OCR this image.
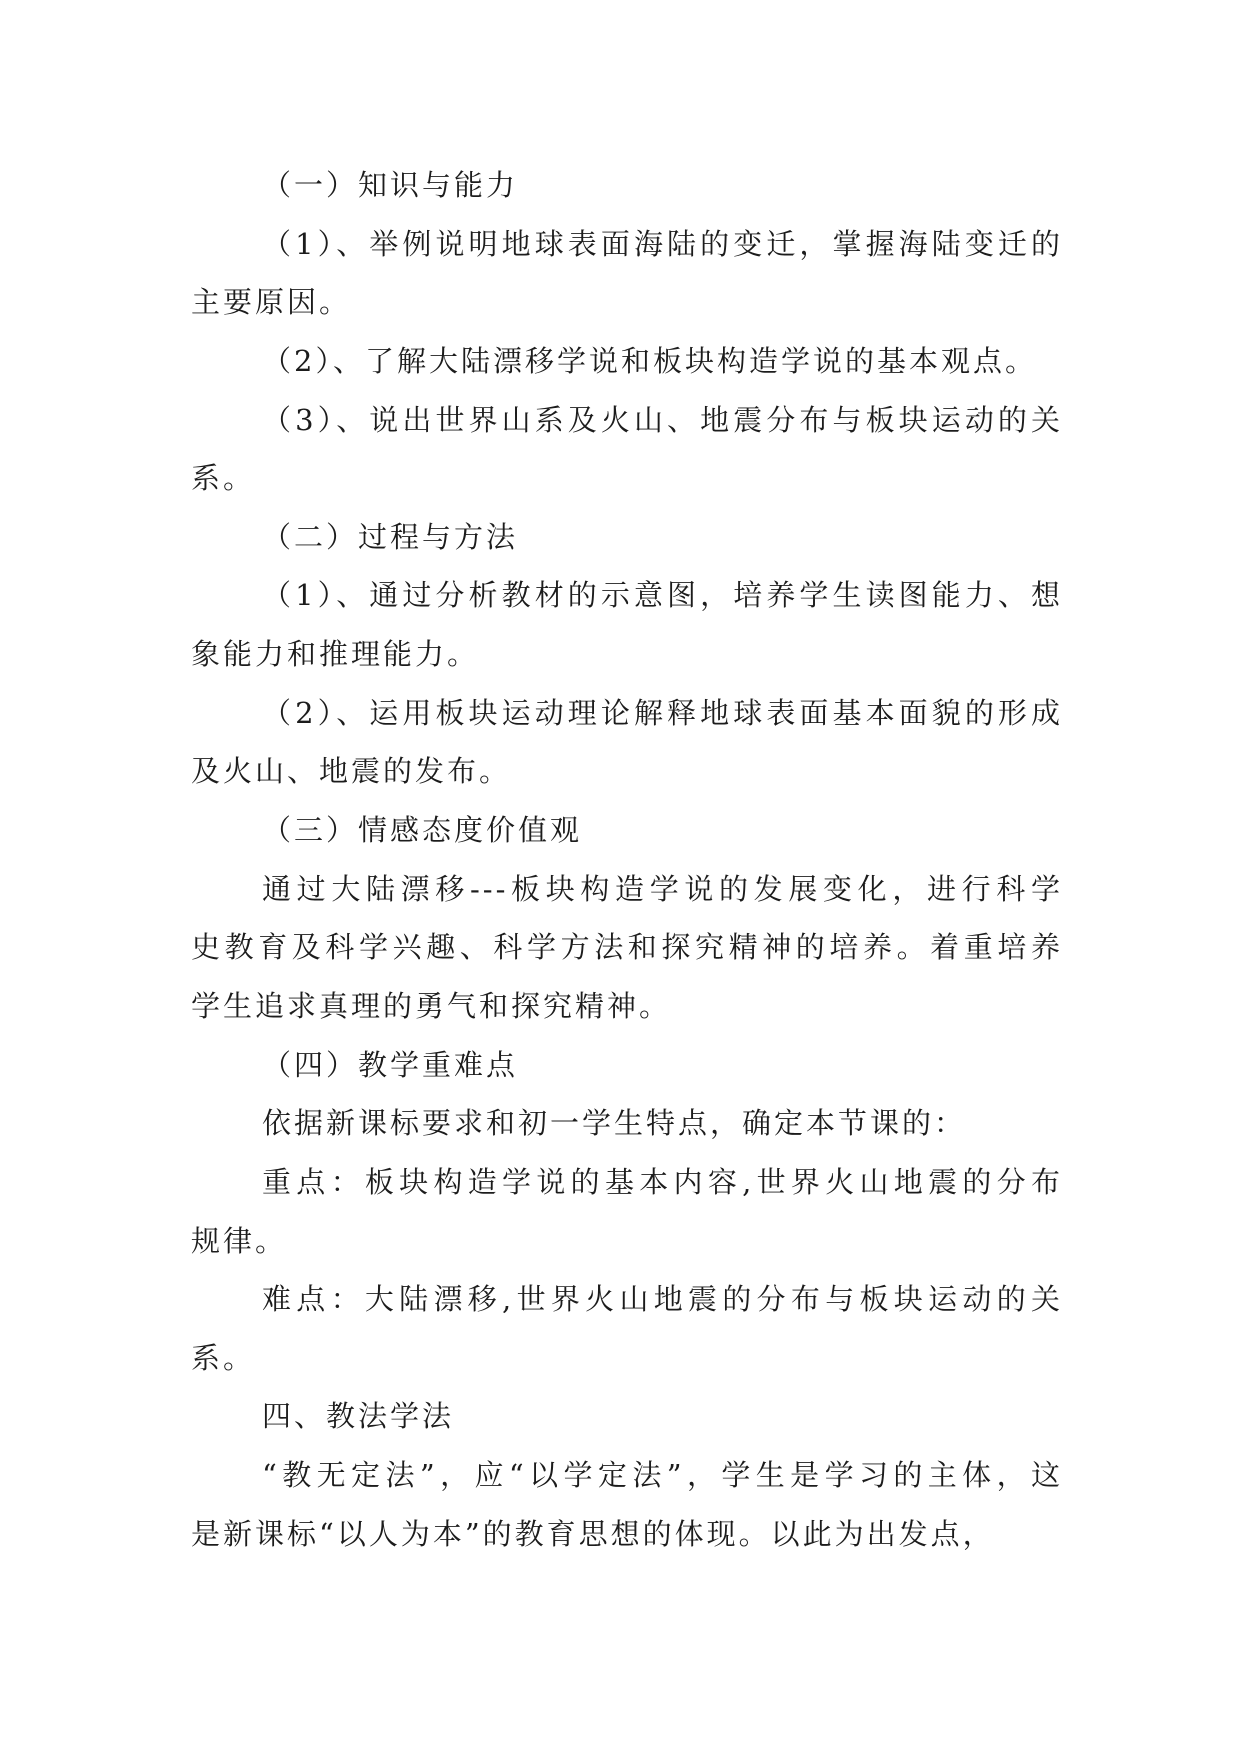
（一）知识与能力
（1）、举例说明地球表面海陆的变迁，掌握海陆变迁的
主要原因。
（2）、了解大陆漂移学说和板块构造学说的基本观点。
（3）、说出世界山系及火山、地震分布与板块运动的关
系。
（二）过程与方法
（1）、通过分析教材的示意图，培养学生读图能力、想
象能力和推理能力。
（2）、运用板块运动理论解释地球表面基本面貌的形成
及火山、地震的发布。
（三）情感态度价值观
通过大陆漂移---板块构造学说的发展变化，进行科学
史教育及科学兴趣、科学方法和探究精神的培养。着重培养
学生追求真理的勇气和探究精神。
（四）教学重难点
依据新课标要求和初一学生特点，确定本节课的：
重点：板块构造学说的基本内容,世界火山地震的分布
规律。
难点：大陆漂移,世界火山地震的分布与板块运动的关
系。
四、教法学法
“教无定法”，应“以学定法”，学生是学习的主体，这
是新课标“以人为本”的教育思想的体现。以此为出发点，
